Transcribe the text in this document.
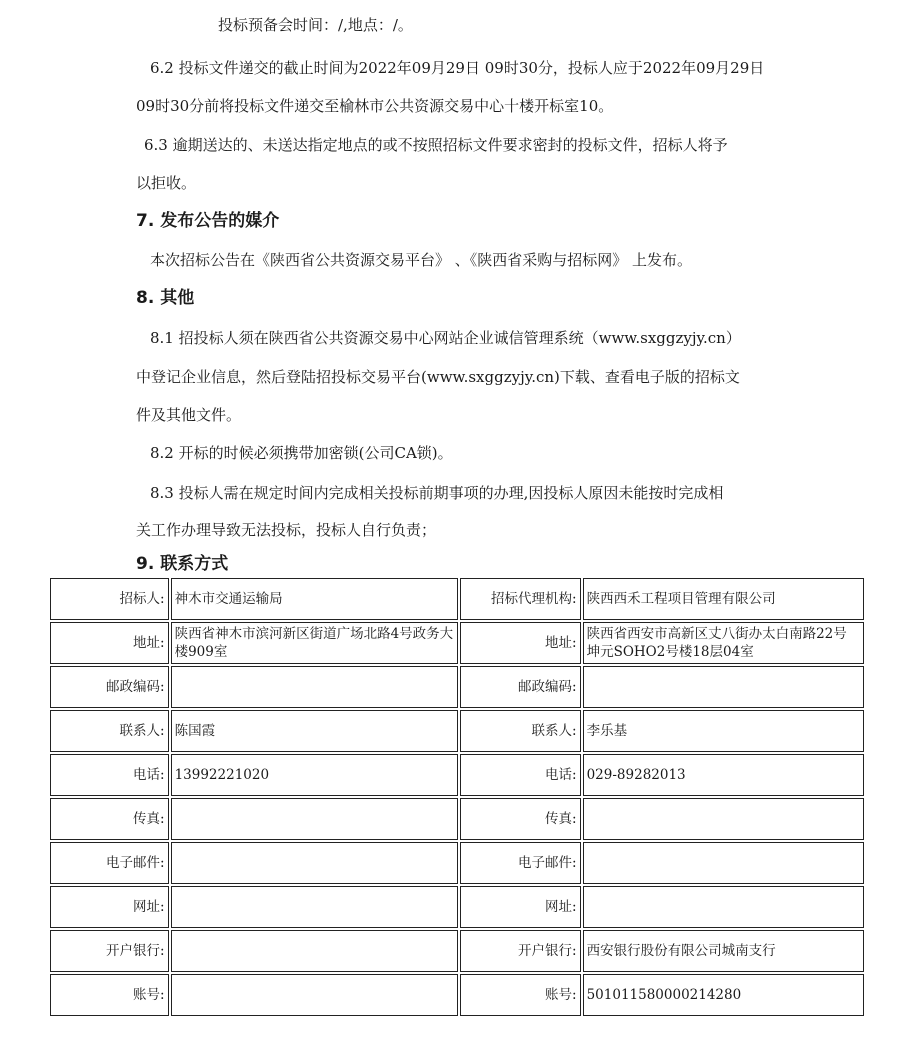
投标预备会时间：/,地点：/。
6.2 投标文件递交的截止时间为2022年09月29日 09时30分，投标人应于2022年09月29日
09时30分前将投标文件递交至榆林市公共资源交易中心十楼开标室10。
6.3 逾期送达的、未送达指定地点的或不按照招标文件要求密封的投标文件，招标人将予
以拒收。
7. 发布公告的媒介
本次招标公告在《陕西省公共资源交易平台》 、《陕西省采购与招标网》 上发布。
8. 其他
8.1 招投标人须在陕西省公共资源交易中心网站企业诚信管理系统（www.sxggzyjy.cn）
中登记企业信息，然后登陆招投标交易平台(www.sxggzyjy.cn)下载、查看电子版的招标文
件及其他文件。
8.2 开标的时候必须携带加密锁(公司CA锁)。
8.3 投标人需在规定时间内完成相关投标前期事项的办理,因投标人原因未能按时完成相
关工作办理导致无法投标，投标人自行负责；
9. 联系方式
招标人:	神木市交通运输局	招标代理机构:	陕西西禾工程项目管理有限公司
地址:	陕西省神木市滨河新区街道广场北路4号政务大楼909室	地址:	陕西省西安市高新区丈八街办太白南路22号坤元SOHO2号楼18层04室
邮政编码:		邮政编码:	
联系人:	陈国霞	联系人:	李乐基
电话:	13992221020	电话:	029-89282013
传真:		传真:	
电子邮件:		电子邮件:	
网址:		网址:	
开户银行:		开户银行:	西安银行股份有限公司城南支行
账号:		账号:	501011580000214280
